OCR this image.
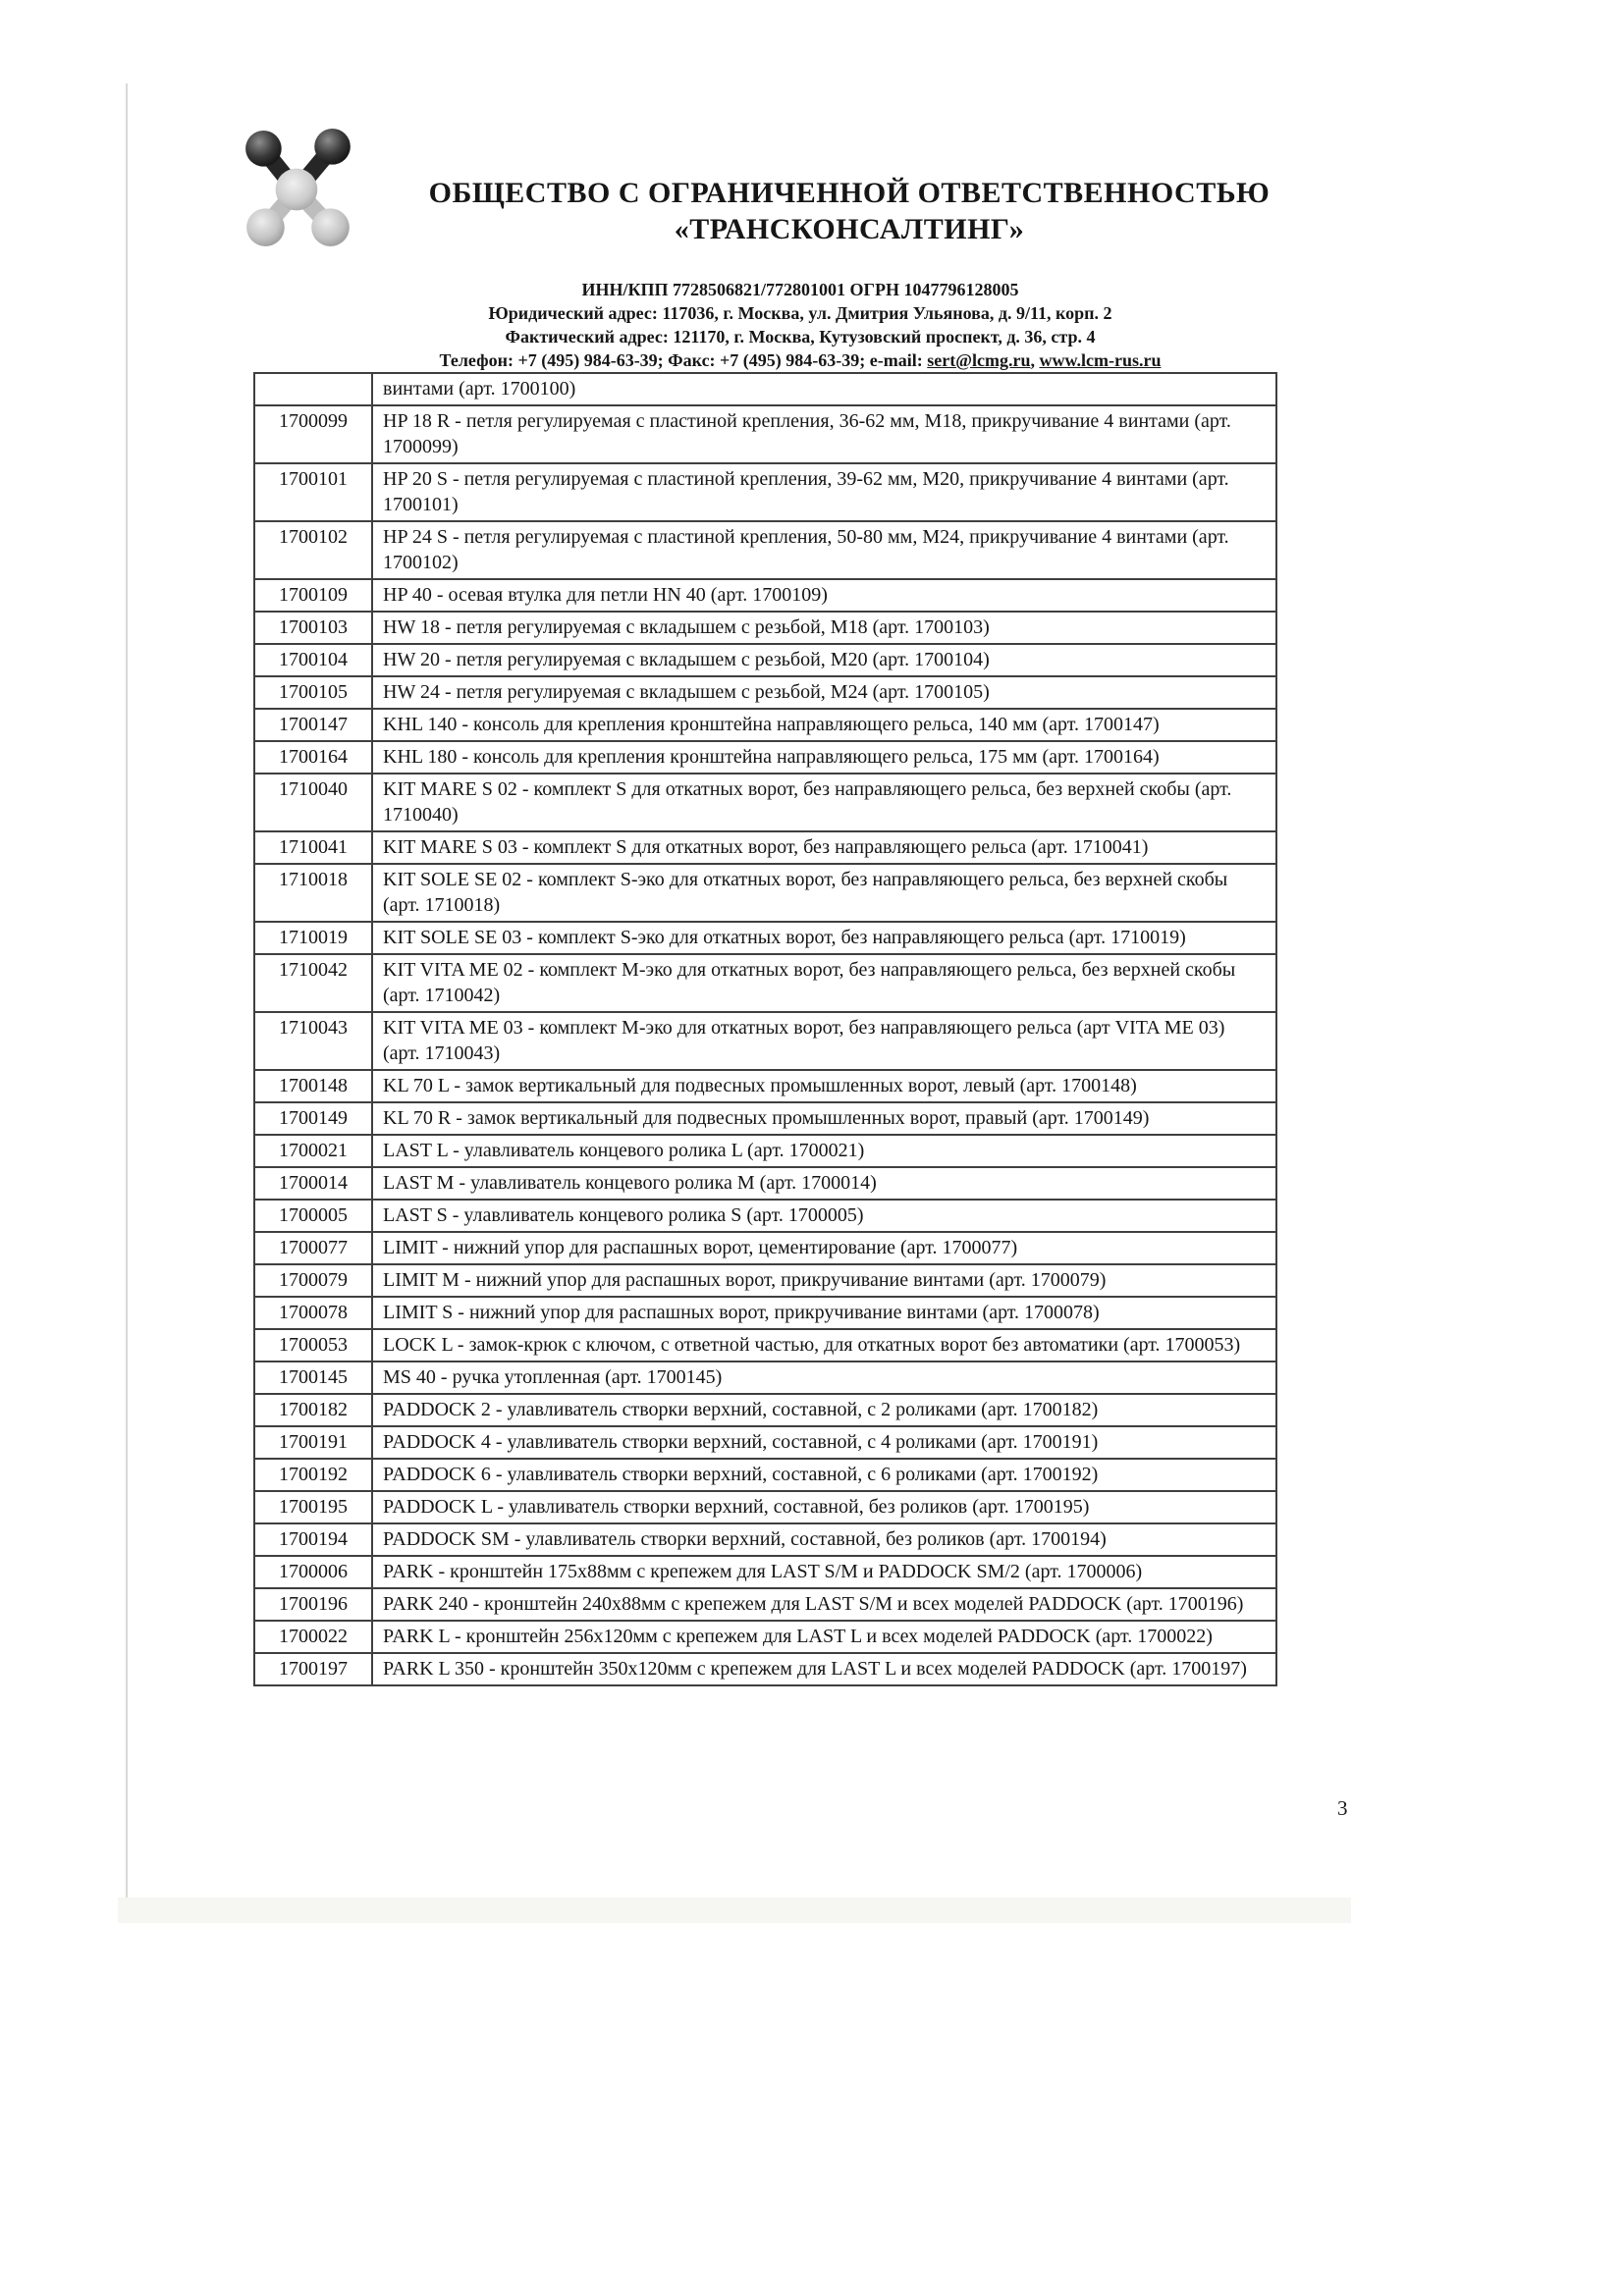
ОБЩЕСТВО С ОГРАНИЧЕННОЙ ОТВЕТСТВЕННОСТЬЮ
«ТРАНСКОНСАЛТИНГ»
ИНН/КПП 7728506821/772801001 ОГРН 1047796128005
Юридический адрес: 117036, г. Москва, ул. Дмитрия Ульянова, д. 9/11, корп. 2
Фактический адрес: 121170, г. Москва, Кутузовский проспект, д. 36, стр. 4
Телефон: +7 (495) 984-63-39; Факс: +7 (495) 984-63-39; e-mail: sert@lcmg.ru, www.lcm-rus.ru
	винтами (арт. 1700100)
1700099	HP 18 R - петля регулируемая с пластиной крепления, 36-62 мм, М18, прикручивание 4 винтами (арт. 1700099)
1700101	HP 20 S - петля регулируемая с пластиной крепления, 39-62 мм, М20, прикручивание 4 винтами (арт. 1700101)
1700102	HP 24 S - петля регулируемая с пластиной крепления, 50-80 мм, М24, прикручивание 4 винтами (арт. 1700102)
1700109	HP 40 - осевая втулка для петли HN 40 (арт. 1700109)
1700103	HW 18 - петля регулируемая с вкладышем с резьбой, М18 (арт. 1700103)
1700104	HW 20 - петля регулируемая с вкладышем с резьбой, М20 (арт. 1700104)
1700105	HW 24 - петля регулируемая с вкладышем с резьбой, М24 (арт. 1700105)
1700147	KHL 140 - консоль для крепления кронштейна направляющего рельса, 140 мм (арт. 1700147)
1700164	KHL 180 - консоль для крепления кронштейна направляющего рельса, 175 мм (арт. 1700164)
1710040	KIT MARE S 02 - комплект S для откатных ворот, без направляющего рельса, без верхней скобы (арт. 1710040)
1710041	KIT MARE S 03 - комплект S для откатных ворот, без направляющего рельса (арт. 1710041)
1710018	KIT SOLE SE 02 - комплект S-эко для откатных ворот, без направляющего рельса, без верхней скобы (арт. 1710018)
1710019	KIT SOLE SE 03 - комплект S-эко для откатных ворот, без направляющего рельса (арт. 1710019)
1710042	KIT VITA ME 02 - комплект М-эко для откатных ворот, без направляющего рельса, без верхней скобы (арт. 1710042)
1710043	KIT VITA ME 03 - комплект М-эко для откатных ворот, без направляющего рельса (арт VITA ME 03) (арт. 1710043)
1700148	KL 70 L - замок вертикальный для подвесных промышленных ворот, левый (арт. 1700148)
1700149	KL 70 R - замок вертикальный для подвесных промышленных ворот, правый (арт. 1700149)
1700021	LAST L - улавливатель концевого ролика L (арт. 1700021)
1700014	LAST M - улавливатель концевого ролика M (арт. 1700014)
1700005	LAST S - улавливатель концевого ролика S (арт. 1700005)
1700077	LIMIT - нижний упор для распашных ворот, цементирование (арт. 1700077)
1700079	LIMIT M - нижний упор для распашных ворот, прикручивание винтами (арт. 1700079)
1700078	LIMIT S - нижний упор для распашных ворот, прикручивание винтами (арт. 1700078)
1700053	LOCK L - замок-крюк с ключом, с ответной частью, для откатных ворот без автоматики (арт. 1700053)
1700145	MS 40 - ручка утопленная (арт. 1700145)
1700182	PADDOCK 2 - улавливатель створки верхний, составной, с 2 роликами (арт. 1700182)
1700191	PADDOCK 4 - улавливатель створки верхний, составной, с 4 роликами (арт. 1700191)
1700192	PADDOCK 6 - улавливатель створки верхний, составной, с 6 роликами (арт. 1700192)
1700195	PADDOCK L - улавливатель створки верхний, составной, без роликов (арт. 1700195)
1700194	PADDOCK SM - улавливатель створки верхний, составной, без роликов (арт. 1700194)
1700006	PARK - кронштейн 175х88мм с крепежем для LAST S/M и PADDOCK SM/2 (арт. 1700006)
1700196	PARK 240 - кронштейн 240х88мм с крепежем для LAST S/M и всех моделей PADDOCK (арт. 1700196)
1700022	PARK L - кронштейн 256х120мм с крепежем для LAST L и всех моделей PADDOCK (арт. 1700022)
1700197	PARK L 350 - кронштейн 350х120мм с крепежем для LAST L и всех моделей PADDOCK (арт. 1700197)
3
